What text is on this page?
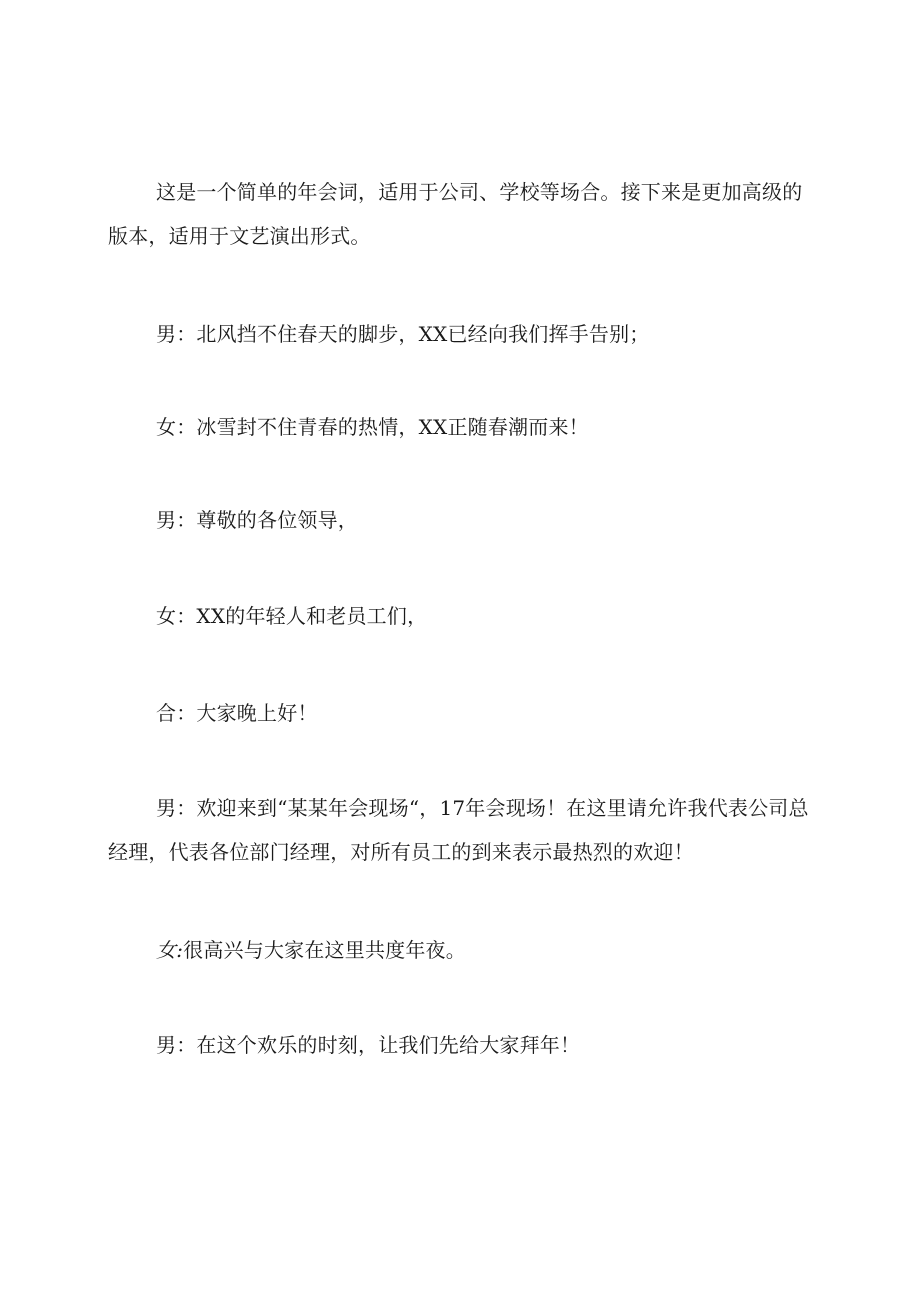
这是一个简单的年会词，适用于公司、学校等场合。接下来是更加高级的版本，适用于文艺演出形式。

男：北风挡不住春天的脚步，XX已经向我们挥手告别；

女：冰雪封不住青春的热情，XX正随春潮而来！

男：尊敬的各位领导，

女：XX的年轻人和老员工们，

合：大家晚上好！

男：欢迎来到“某某年会现场“，17年会现场！在这里请允许我代表公司总经理，代表各位部门经理，对所有员工的到来表示最热烈的欢迎！

女:很高兴与大家在这里共度年夜。

男：在这个欢乐的时刻，让我们先给大家拜年！
